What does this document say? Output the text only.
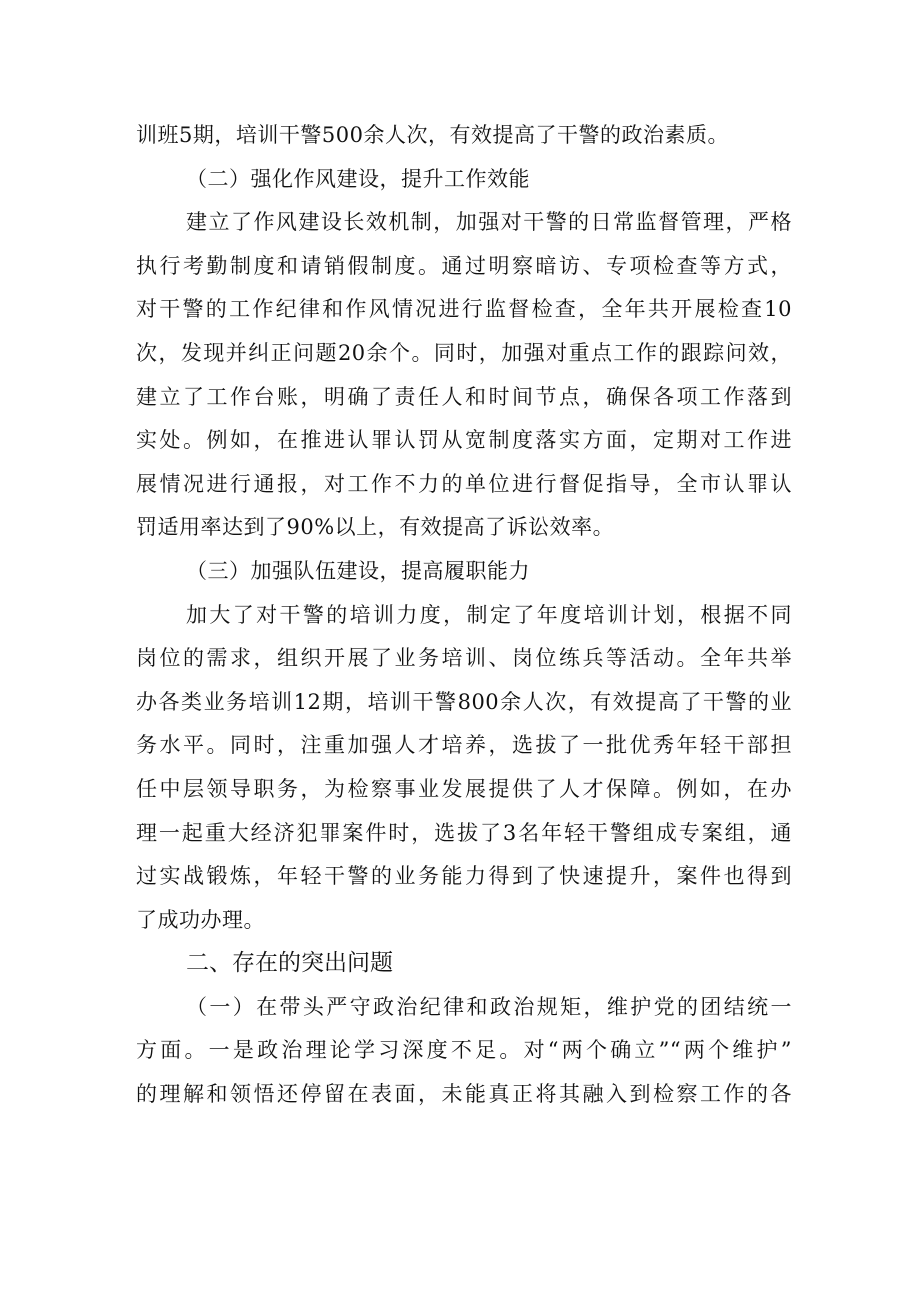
训班5期，培训干警500余人次，有效提高了干警的政治素质。
（二）强化作风建设，提升工作效能
建立了作风建设长效机制，加强对干警的日常监督管理，严格
执行考勤制度和请销假制度。通过明察暗访、专项检查等方式，
对干警的工作纪律和作风情况进行监督检查，全年共开展检查10
次，发现并纠正问题20余个。同时，加强对重点工作的跟踪问效，
建立了工作台账，明确了责任人和时间节点，确保各项工作落到
实处。例如，在推进认罪认罚从宽制度落实方面，定期对工作进
展情况进行通报，对工作不力的单位进行督促指导，全市认罪认
罚适用率达到了90%以上，有效提高了诉讼效率。
（三）加强队伍建设，提高履职能力
加大了对干警的培训力度，制定了年度培训计划，根据不同
岗位的需求，组织开展了业务培训、岗位练兵等活动。全年共举
办各类业务培训12期，培训干警800余人次，有效提高了干警的业
务水平。同时，注重加强人才培养，选拔了一批优秀年轻干部担
任中层领导职务，为检察事业发展提供了人才保障。例如，在办
理一起重大经济犯罪案件时，选拔了3名年轻干警组成专案组，通
过实战锻炼，年轻干警的业务能力得到了快速提升，案件也得到
了成功办理。
二、存在的突出问题
（一）在带头严守政治纪律和政治规矩，维护党的团结统一
方面。一是政治理论学习深度不足。对“两个确立”“两个维护”
的理解和领悟还停留在表面，未能真正将其融入到检察工作的各
